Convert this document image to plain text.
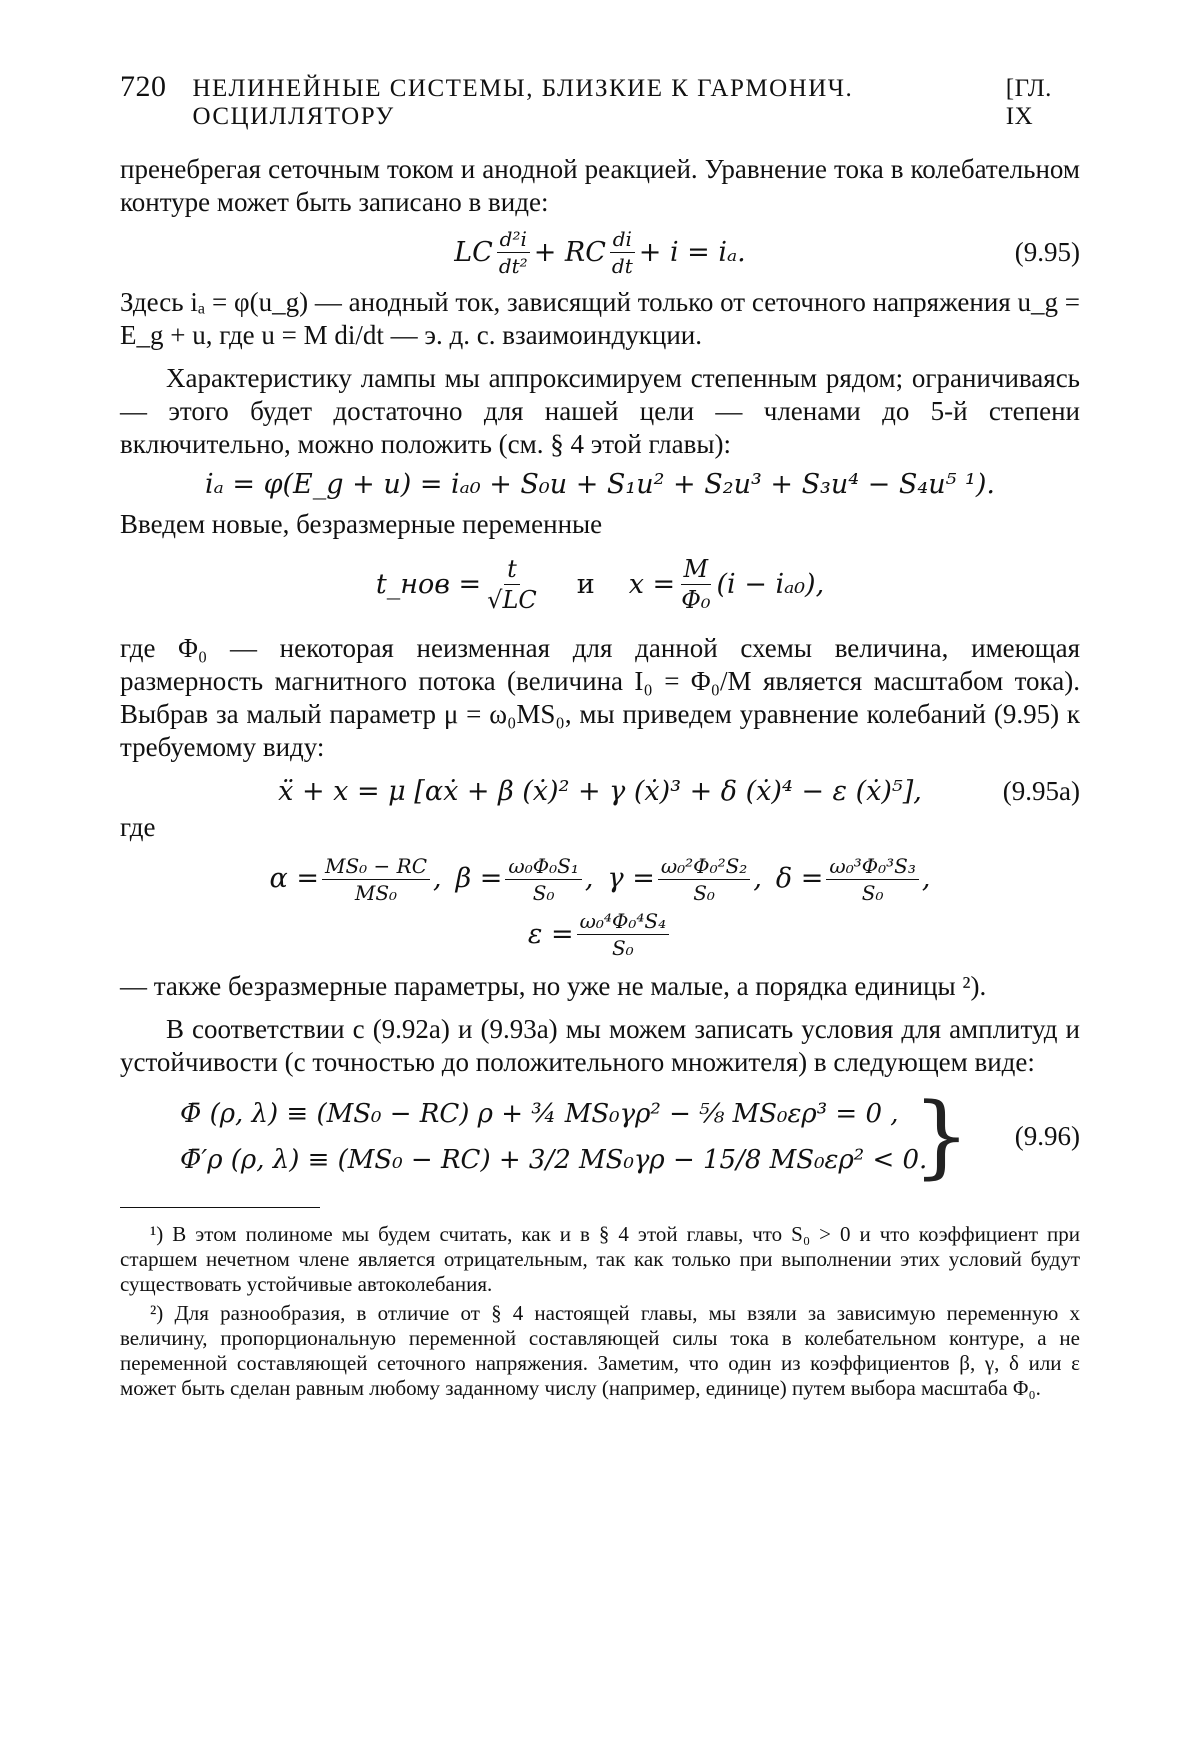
720 НЕЛИНЕЙНЫЕ СИСТЕМЫ, БЛИЗКИЕ К ГАРМОНИЧ. ОСЦИЛЛЯТОРУ
[ГЛ. IX

пренебрегая сеточным током и анодной реакцией. Уравнение тока в колебательном контуре может быть записано в виде:

LC $\frac{\text{d²i}}{\text{dt²}}$ + RC $\frac{di}{dt} + i = i_a$.	(9.95)

Здесь iₐ = φ(u_g) — анодный ток, зависящий только от сеточного напряжения u_g = E_g + u, где u = M di/dt — э. д. с. взаимоиндукции.

Характеристику лампы мы аппроксимируем степенным рядом; ограничиваясь — этого будет достаточно для нашей цели — членами до 5-й степени включительно, можно положить (см. § 4 этой главы):

iₐ = φ(E_g + u) = iₐ₀ + S₀u + S₁u² + S₂u³ + S₃u⁴ − S₄u⁵ ¹).

Введем новые, безразмерные переменные

t_нов = $\frac{t}{√LC}$ и $x = \frac{M}{\text{Φ₀}} (i - i_{a0})$,

где Φ₀ — некоторая неизменная для данной схемы величина, имеющая размерность магнитного потока (величина I₀ = Φ₀/M является масштабом тока). Выбрав за малый параметр μ = ω₀MS₀, мы приведем уравнение колебаний (9.95) к требуемому виду:

ẍ + x = μ [αẋ + β (ẋ)² + γ (ẋ)³ + δ (ẋ)⁴ − ε (ẋ)⁵],	(9.95a)

где

$\alpha = \frac{\text{MS₀ − RC}}{\text{MS₀}}$ , $\beta = \frac{\text{ω₀Φ₀S₁}}{\text{S₀}}$ , $\gamma = \frac{\text{ω₀²Φ₀²S₂}}{\text{S₀}}$ , $\delta = \frac{\text{ω₀³Φ₀³S₃}}{\text{S₀}}$ ,
$\varepsilon = \frac{\text{ω₀⁴Φ₀⁴S₄}}{\text{S₀}}$

— также безразмерные параметры, но уже не малые, а порядка единицы ²).

В соответствии с (9.92a) и (9.93a) мы можем записать условия для амплитуд и устойчивости (с точностью до положительного множителя) в следующем виде:

Φ̄ (ρ, λ) ≡ (MS₀ − RC) ρ + ¾ MS₀γρ² − ⅝ MS₀ερ³ = 0 ,
Φ̄′ρ (ρ, λ) ≡ (MS₀ − RC) + 3/2 MS₀γρ − 15/8 MS₀ερ² < 0.
} (9.96)

¹) В этом полиноме мы будем считать, как и в § 4 этой главы, что S₀ > 0 и что коэффициент при старшем нечетном члене является отрицательным, так как только при выполнении этих условий будут существовать устойчивые автоколебания.

²) Для разнообразия, в отличие от § 4 настоящей главы, мы взяли за зависимую переменную x величину, пропорциональную переменной составляющей силы тока в колебательном контуре, а не переменной составляющей сеточного напряжения. Заметим, что один из коэффициентов β, γ, δ или ε может быть сделан равным любому заданному числу (например, единице) путем выбора масштаба Φ₀.
